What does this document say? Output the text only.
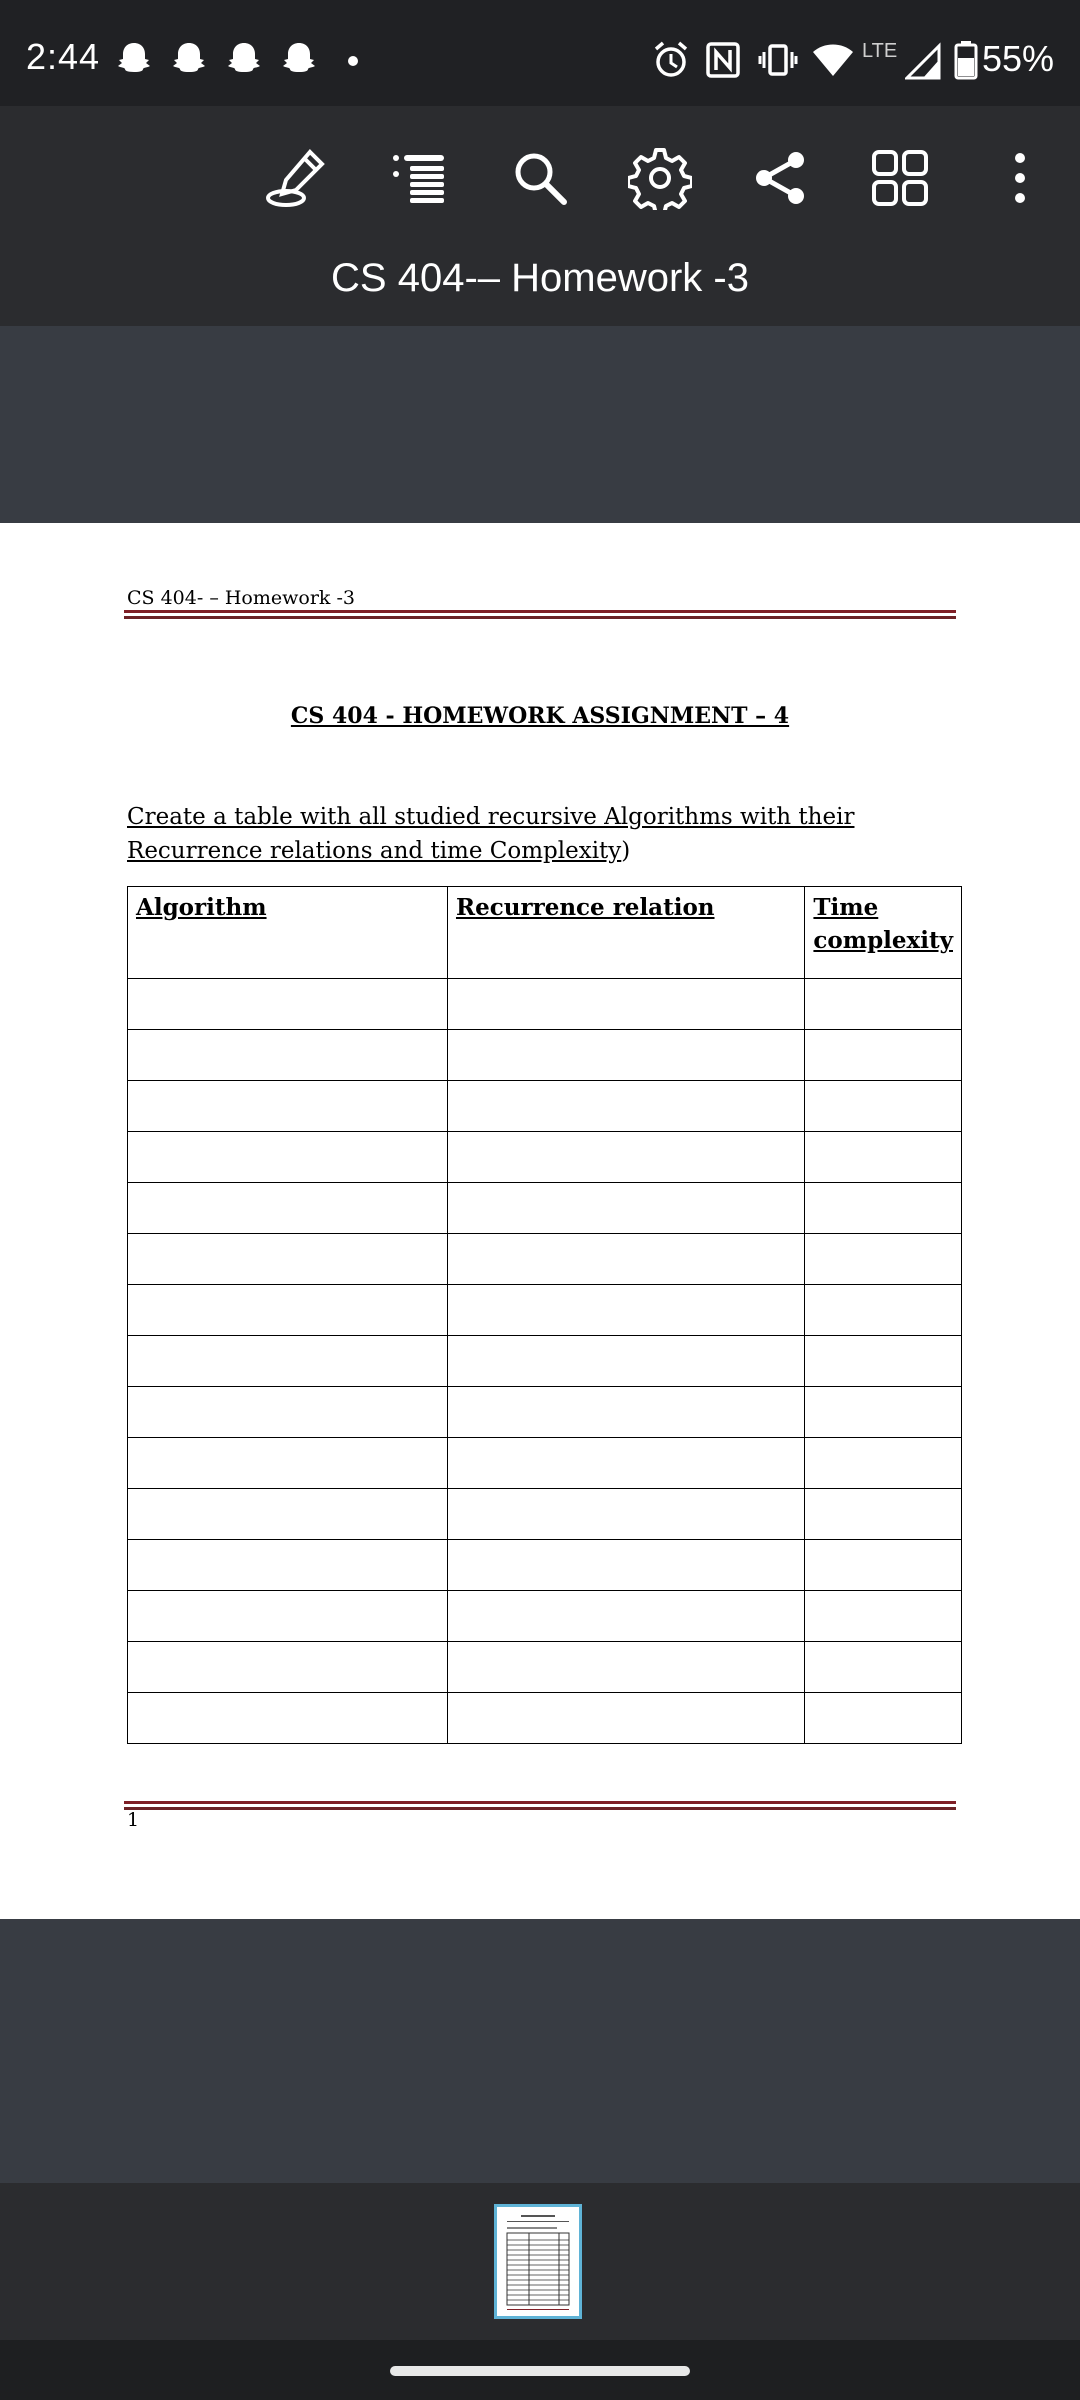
2:44	LTE 55%
CS 404-– Homework -3
CS 404- – Homework -3
CS 404 - HOMEWORK ASSIGNMENT – 4
Create a table with all studied recursive Algorithms with their Recurrence relations and time Complexity)
Algorithm	Recurrence relation	Time complexity

1
